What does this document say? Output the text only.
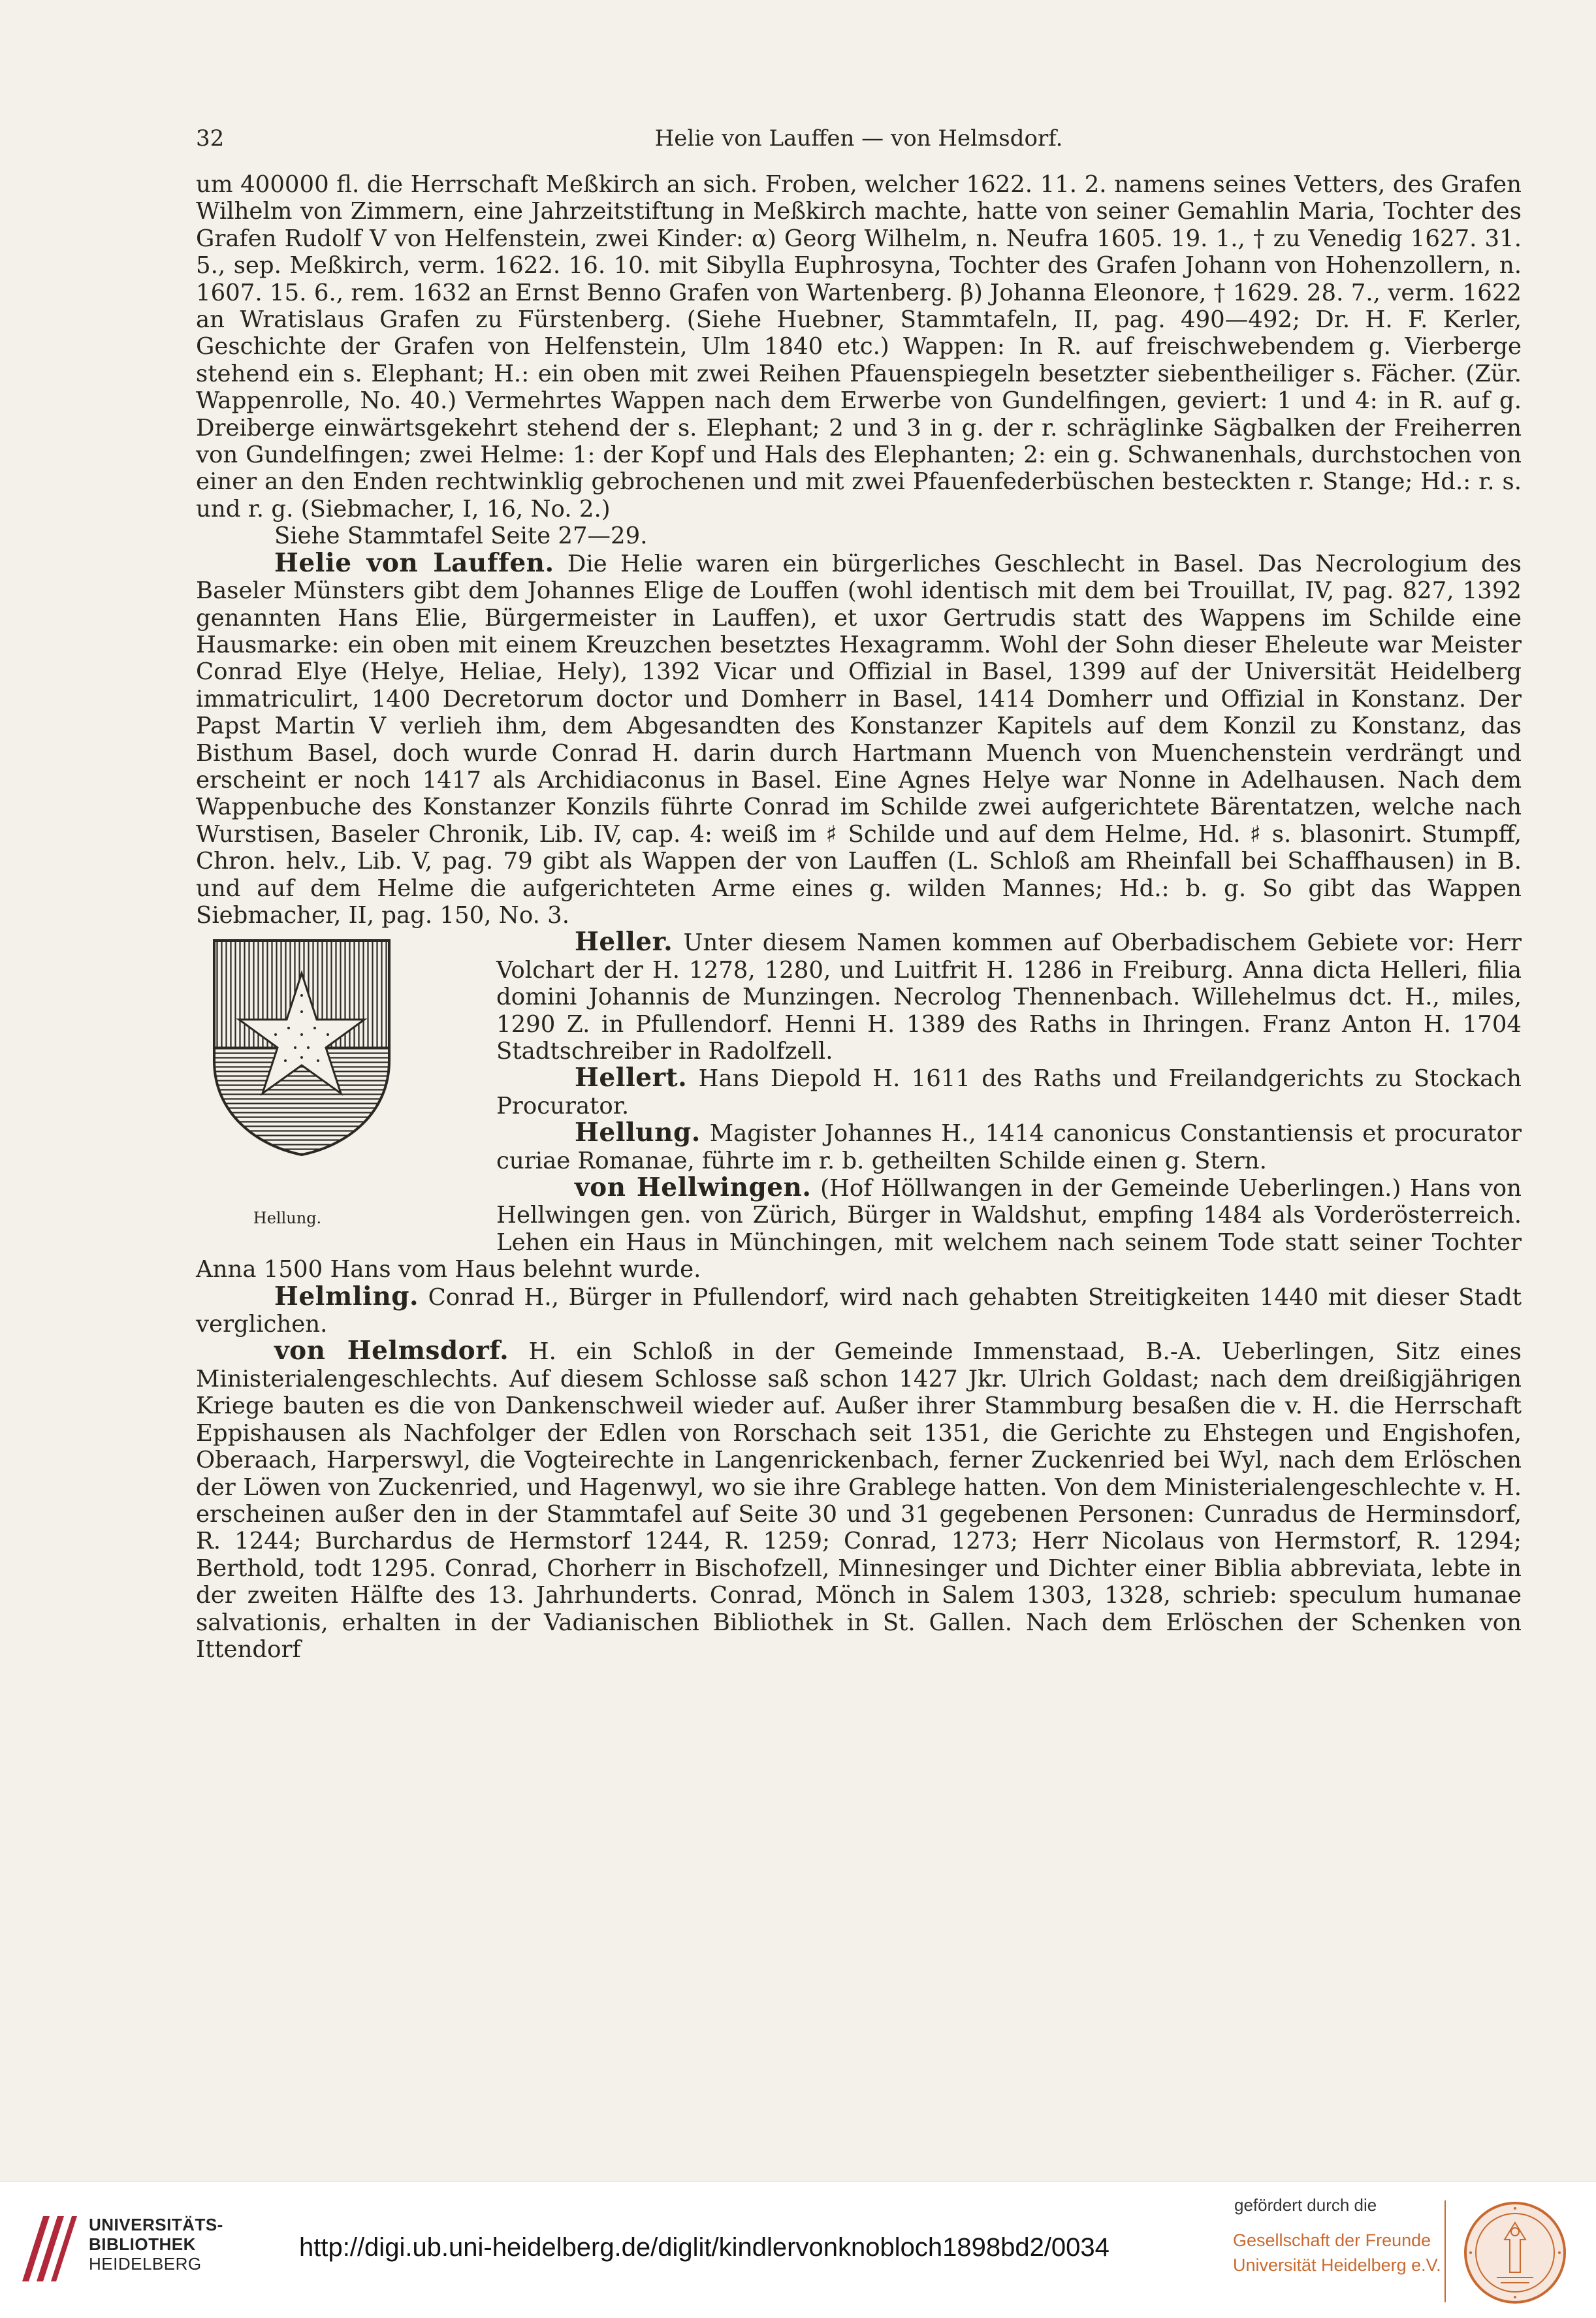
32	Helie von Lauffen — von Helmsdorf.

um 400000 fl. die Herrschaft Meßkirch an sich. Froben, welcher 1622. 11. 2. namens seines Vetters, des Grafen Wilhelm von Zimmern, eine Jahrzeitstiftung in Meßkirch machte, hatte von seiner Gemahlin Maria, Tochter des Grafen Rudolf V von Helfenstein, zwei Kinder: α) Georg Wilhelm, n. Neufra 1605. 19. 1., † zu Venedig 1627. 31. 5., sep. Meßkirch, verm. 1622. 16. 10. mit Sibylla Euphrosyna, Tochter des Grafen Johann von Hohenzollern, n. 1607. 15. 6., rem. 1632 an Ernst Benno Grafen von Wartenberg. β) Johanna Eleonore, † 1629. 28. 7., verm. 1622 an Wratislaus Grafen zu Fürstenberg. (Siehe Huebner, Stammtafeln, II, pag. 490—492; Dr. H. F. Kerler, Geschichte der Grafen von Helfenstein, Ulm 1840 etc.) Wappen: In R. auf freischwebendem g. Vierberge stehend ein s. Elephant; H.: ein oben mit zwei Reihen Pfauenspiegeln besetzter siebentheiliger s. Fächer. (Zür. Wappenrolle, No. 40.) Vermehrtes Wappen nach dem Erwerbe von Gundelfingen, geviert: 1 und 4: in R. auf g. Dreiberge einwärtsgekehrt stehend der s. Elephant; 2 und 3 in g. der r. schräglinke Sägbalken der Freiherren von Gundelfingen; zwei Helme: 1: der Kopf und Hals des Elephanten; 2: ein g. Schwanenhals, durchstochen von einer an den Enden rechtwinklig gebrochenen und mit zwei Pfauenfederbüschen besteckten r. Stange; Hd.: r. s. und r. g. (Siebmacher, I, 16, No. 2.)

Siehe Stammtafel Seite 27—29.

Helie von Lauffen. Die Helie waren ein bürgerliches Geschlecht in Basel. Das Necrologium des Baseler Münsters gibt dem Johannes Elige de Louffen (wohl identisch mit dem bei Trouillat, IV, pag. 827, 1392 genannten Hans Elie, Bürgermeister in Lauffen), et uxor Gertrudis statt des Wappens im Schilde eine Hausmarke: ein oben mit einem Kreuzchen besetztes Hexagramm. Wohl der Sohn dieser Eheleute war Meister Conrad Elye (Helye, Heliae, Hely), 1392 Vicar und Offizial in Basel, 1399 auf der Universität Heidelberg immatriculirt, 1400 Decretorum doctor und Domherr in Basel, 1414 Domherr und Offizial in Konstanz. Der Papst Martin V verlieh ihm, dem Abgesandten des Konstanzer Kapitels auf dem Konzil zu Konstanz, das Bisthum Basel, doch wurde Conrad H. darin durch Hartmann Muench von Muenchenstein verdrängt und erscheint er noch 1417 als Archidiaconus in Basel. Eine Agnes Helye war Nonne in Adelhausen. Nach dem Wappenbuche des Konstanzer Konzils führte Conrad im Schilde zwei aufgerichtete Bärentatzen, welche nach Wurstisen, Baseler Chronik, Lib. IV, cap. 4: weiß im ♯ Schilde und auf dem Helme, Hd. ♯ s. blasonirt. Stumpff, Chron. helv., Lib. V, pag. 79 gibt als Wappen der von Lauffen (L. Schloß am Rheinfall bei Schaffhausen) in B. und auf dem Helme die aufgerichteten Arme eines g. wilden Mannes; Hd.: b. g. So gibt das Wappen Siebmacher, II, pag. 150, No. 3.

Hellung.

Heller. Unter diesem Namen kommen auf Oberbadischem Gebiete vor: Herr Volchart der H. 1278, 1280, und Luitfrit H. 1286 in Freiburg. Anna dicta Helleri, filia domini Johannis de Munzingen. Necrolog Thennenbach. Willehelmus dct. H., miles, 1290 Z. in Pfullendorf. Henni H. 1389 des Raths in Ihringen. Franz Anton H. 1704 Stadtschreiber in Radolfzell.

Hellert. Hans Diepold H. 1611 des Raths und Freilandgerichts zu Stockach Procurator.

Hellung. Magister Johannes H., 1414 canonicus Constantiensis et procurator curiae Romanae, führte im r. b. getheilten Schilde einen g. Stern.

von Hellwingen. (Hof Höllwangen in der Gemeinde Ueberlingen.) Hans von Hellwingen gen. von Zürich, Bürger in Waldshut, empfing 1484 als Vorderösterreich. Lehen ein Haus in Münchingen, mit welchem nach seinem Tode statt seiner Tochter Anna 1500 Hans vom Haus belehnt wurde.

Helmling. Conrad H., Bürger in Pfullendorf, wird nach gehabten Streitigkeiten 1440 mit dieser Stadt verglichen.

von Helmsdorf. H. ein Schloß in der Gemeinde Immenstaad, B.-A. Ueberlingen, Sitz eines Ministerialengeschlechts. Auf diesem Schlosse saß schon 1427 Jkr. Ulrich Goldast; nach dem dreißigjährigen Kriege bauten es die von Dankenschweil wieder auf. Außer ihrer Stammburg besaßen die v. H. die Herrschaft Eppishausen als Nachfolger der Edlen von Rorschach seit 1351, die Gerichte zu Ehstegen und Engishofen, Oberaach, Harperswyl, die Vogteirechte in Langenrickenbach, ferner Zuckenried bei Wyl, nach dem Erlöschen der Löwen von Zuckenried, und Hagenwyl, wo sie ihre Grablege hatten. Von dem Ministerialengeschlechte v. H. erscheinen außer den in der Stammtafel auf Seite 30 und 31 gegebenen Personen: Cunradus de Herminsdorf, R. 1244; Burchardus de Hermstorf 1244, R. 1259; Conrad, 1273; Herr Nicolaus von Hermstorf, R. 1294; Berthold, todt 1295. Conrad, Chorherr in Bischofzell, Minnesinger und Dichter einer Biblia abbreviata, lebte in der zweiten Hälfte des 13. Jahrhunderts. Conrad, Mönch in Salem 1303, 1328, schrieb: speculum humanae salvationis, erhalten in der Vadianischen Bibliothek in St. Gallen. Nach dem Erlöschen der Schenken von Ittendorf

UNIVERSITÄTS-
BIBLIOTHEK
HEIDELBERG
http://digi.ub.uni-heidelberg.de/diglit/kindlervonknobloch1898bd2/0034
gefördert durch die
Gesellschaft der Freunde
Universität Heidelberg e.V.
